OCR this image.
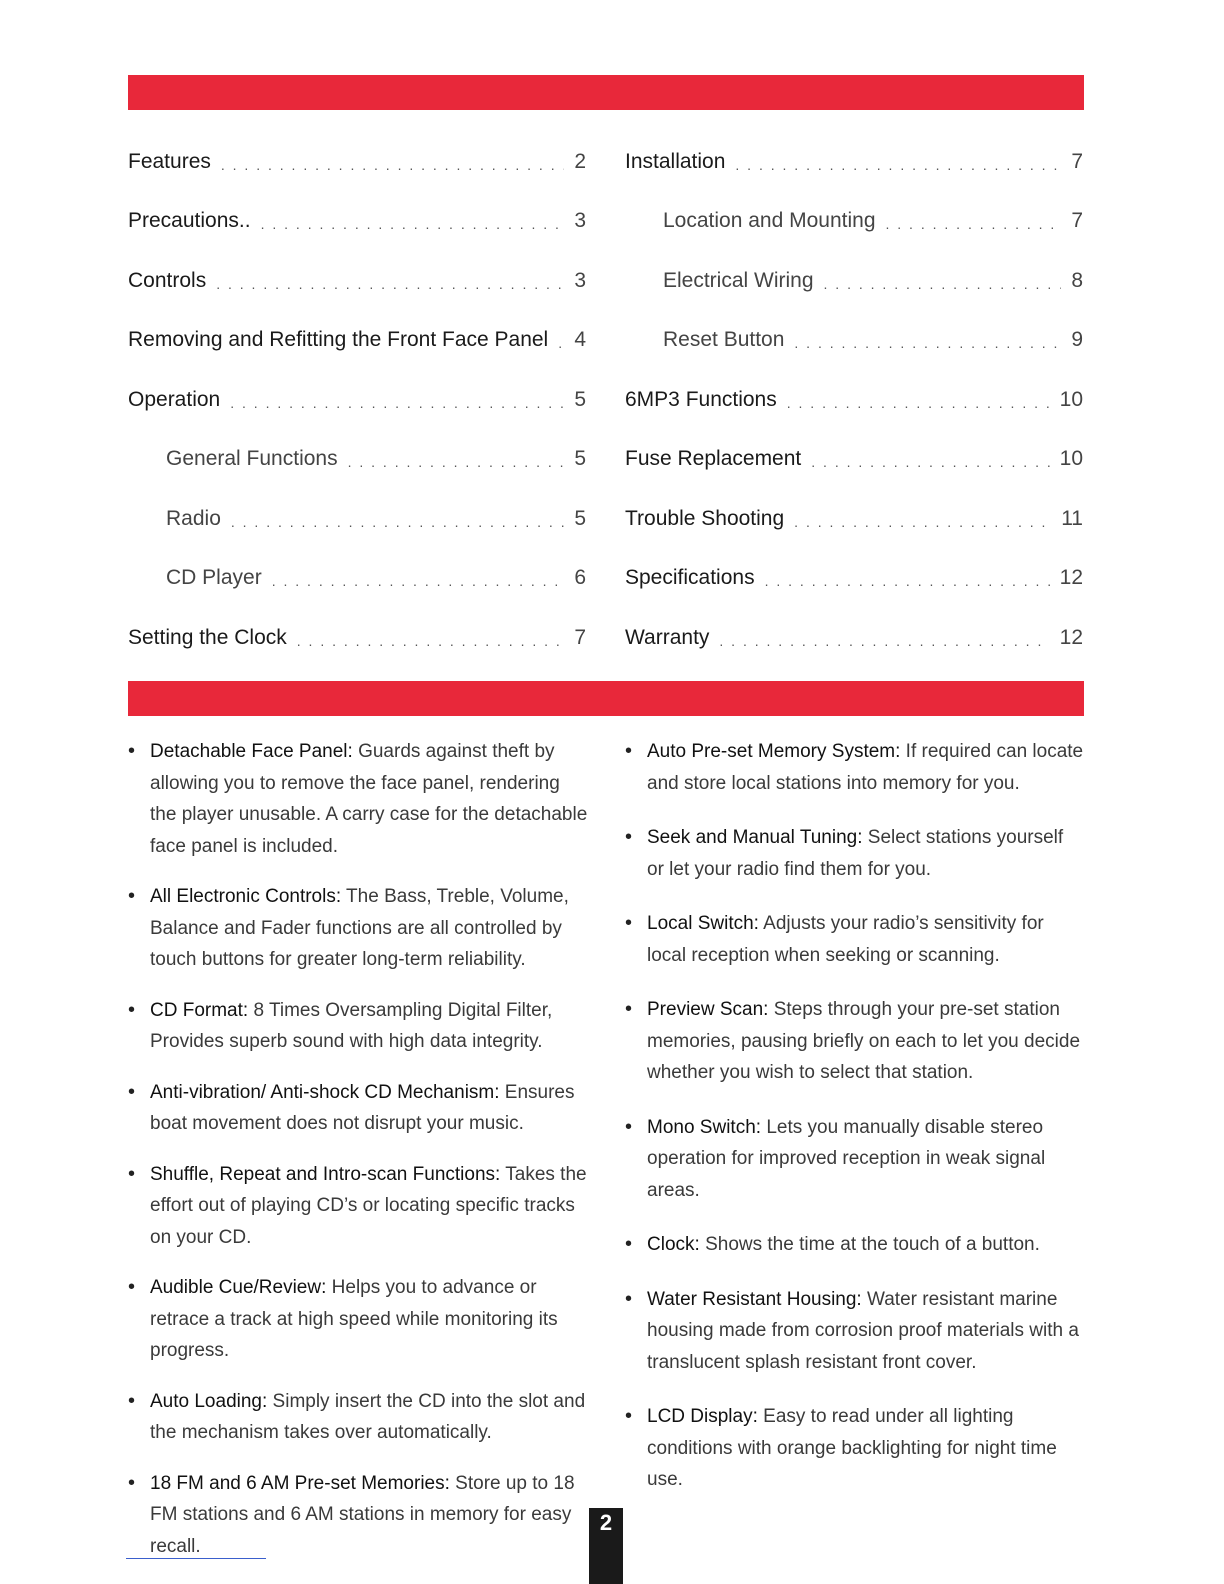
Features . . .	2
Precautions.. . . .	3
Controls . . .	3
Removing and Refitting the Front Face Panel . . . 4
Operation . . .	5
General Functions . . .	5
Radio . . .	5
CD Player . . .	6
Setting the Clock . . .	7
Installation . . .	7
Location and Mounting . . .	7
Electrical Wiring . . .	8
Reset Button . . .	9
6MP3 Functions . . .	10
Fuse Replacement . . .	10
Trouble Shooting . . .	11
Specifications . . .	12
Warranty . . .	12
• Detachable Face Panel: Guards against theft by allowing you to remove the face panel, rendering the player unusable. A carry case for the detachable face panel is included.
• All Electronic Controls: The Bass, Treble, Volume, Balance and Fader functions are all controlled by touch buttons for greater long-term reliability.
• CD Format: 8 Times Oversampling Digital Filter, Provides superb sound with high data integrity.
• Anti-vibration/ Anti-shock CD Mechanism: Ensures boat movement does not disrupt your music.
• Shuffle, Repeat and Intro-scan Functions: Takes the effort out of playing CD’s or locating specific tracks on your CD.
• Audible Cue/Review: Helps you to advance or retrace a track at high speed while monitoring its progress.
• Auto Loading: Simply insert the CD into the slot and the mechanism takes over automatically.
• 18 FM and 6 AM Pre-set Memories: Store up to 18 FM stations and 6 AM stations in memory for easy recall.
• Auto Pre-set Memory System: If required can locate and store local stations into memory for you.
• Seek and Manual Tuning: Select stations yourself or let your radio find them for you.
• Local Switch: Adjusts your radio’s sensitivity for local reception when seeking or scanning.
• Preview Scan: Steps through your pre-set station memories, pausing briefly on each to let you decide whether you wish to select that station.
• Mono Switch: Lets you manually disable stereo operation for improved reception in weak signal areas.
• Clock: Shows the time at the touch of a button.
• Water Resistant Housing: Water resistant marine housing made from corrosion proof materials with a translucent splash resistant front cover.
• LCD Display: Easy to read under all lighting conditions with orange backlighting for night time use.
2
